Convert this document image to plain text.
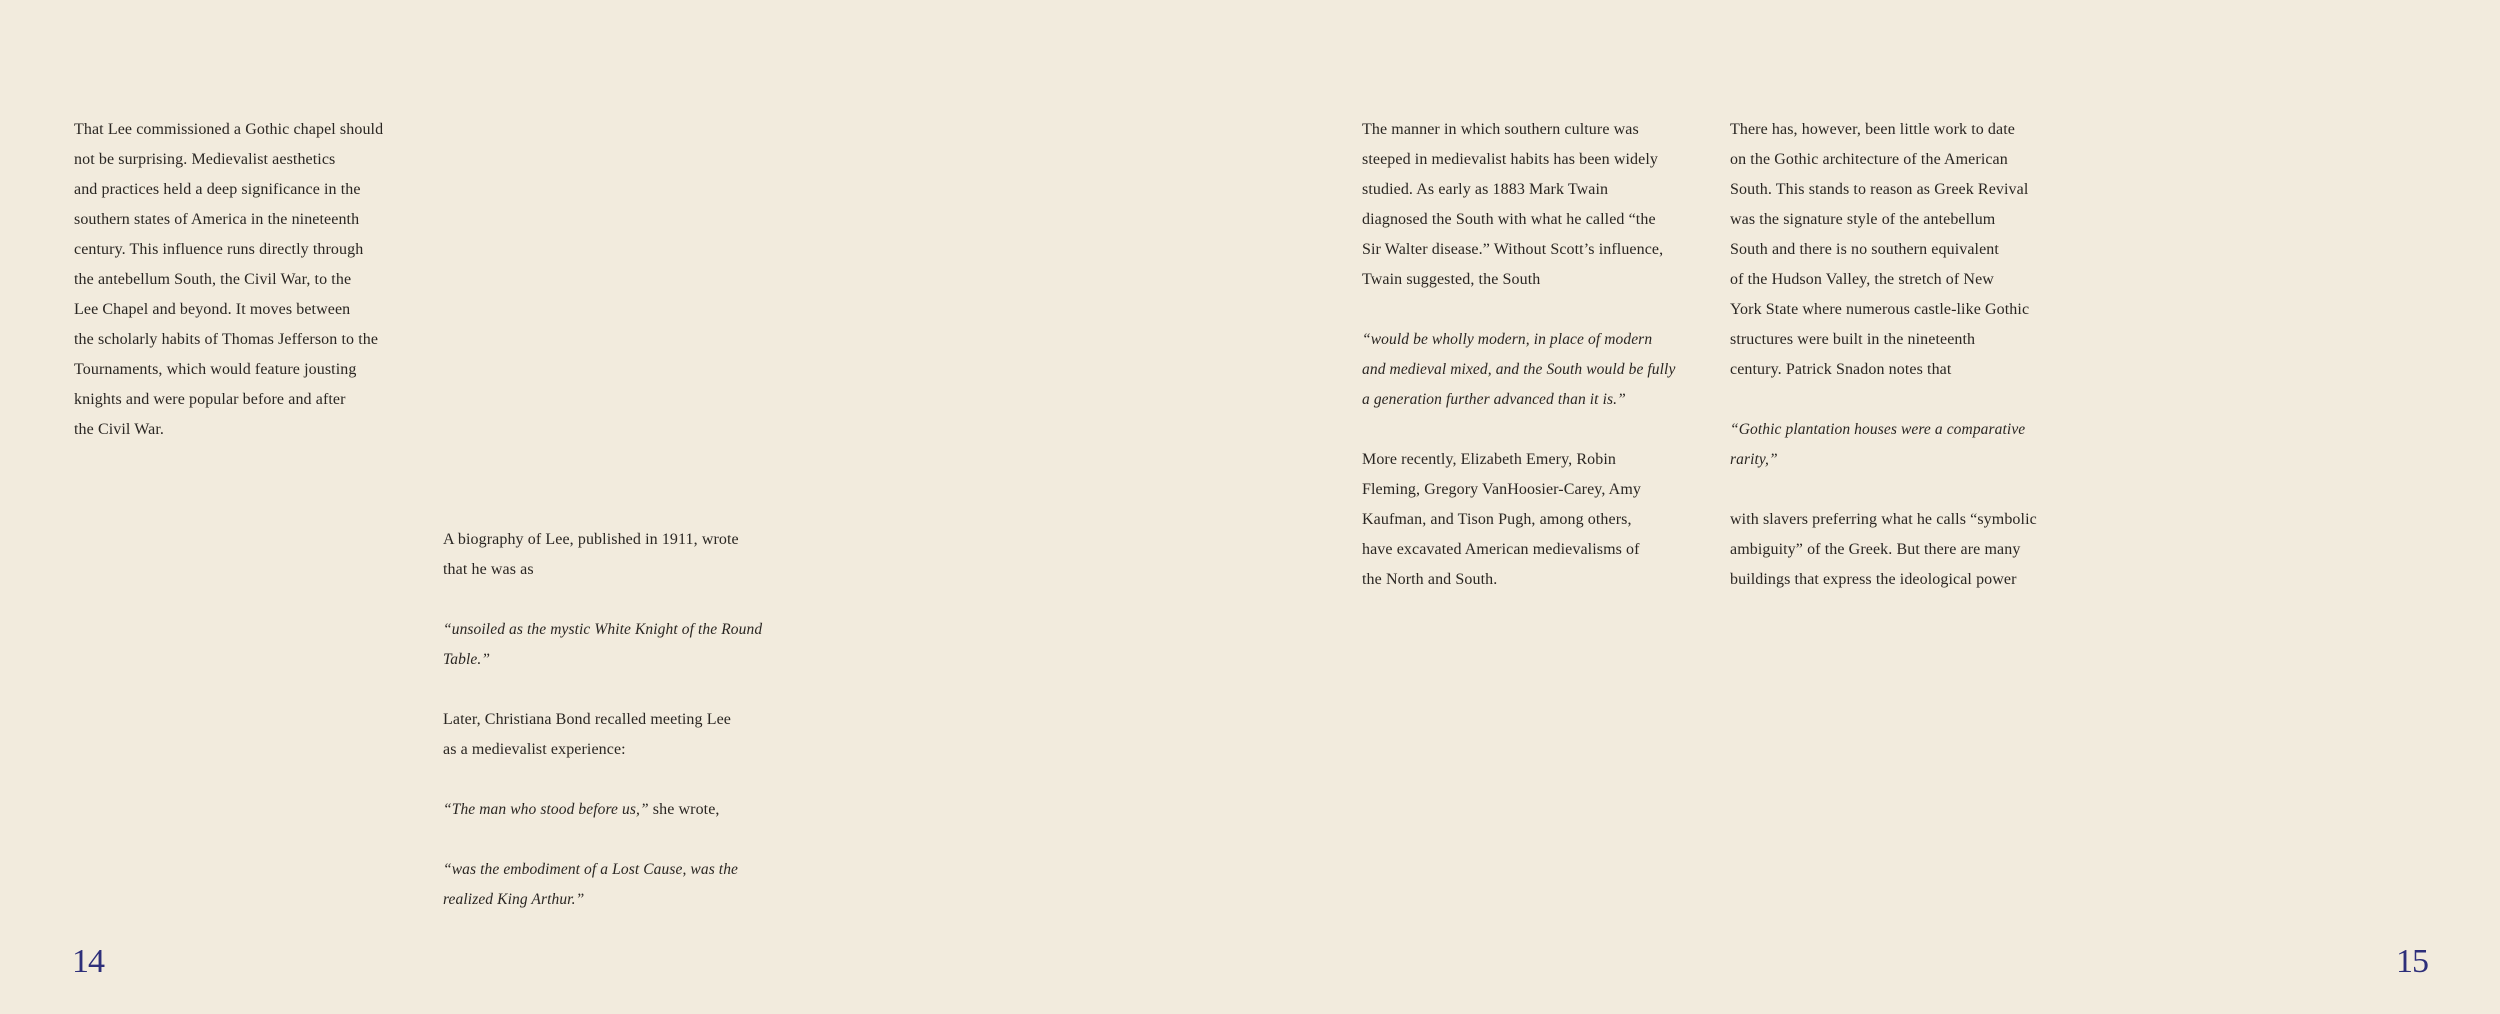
That Lee commissioned a Gothic chapel should
not be surprising. Medievalist aesthetics
and practices held a deep significance in the
southern states of America in the nineteenth
century. This influence runs directly through
the antebellum South, the Civil War, to the
Lee Chapel and beyond. It moves between
the scholarly habits of Thomas Jefferson to the
Tournaments, which would feature jousting
knights and were popular before and after
the Civil War.

A biography of Lee, published in 1911, wrote
that he was as

“unsoiled as the mystic White Knight of the Round
Table.”

Later, Christiana Bond recalled meeting Lee
as a medievalist experience:

“The man who stood before us,” she wrote,

“was the embodiment of a Lost Cause, was the
realized King Arthur.”

The manner in which southern culture was
steeped in medievalist habits has been widely
studied. As early as 1883 Mark Twain
diagnosed the South with what he called “the
Sir Walter disease.” Without Scott’s influence,
Twain suggested, the South

“would be wholly modern, in place of modern
and medieval mixed, and the South would be fully
a generation further advanced than it is.”

More recently, Elizabeth Emery, Robin
Fleming, Gregory VanHoosier-Carey, Amy
Kaufman, and Tison Pugh, among others,
have excavated American medievalisms of
the North and South.

There has, however, been little work to date
on the Gothic architecture of the American
South. This stands to reason as Greek Revival
was the signature style of the antebellum
South and there is no southern equivalent
of the Hudson Valley, the stretch of New
York State where numerous castle-like Gothic
structures were built in the nineteenth
century. Patrick Snadon notes that

“Gothic plantation houses were a comparative
rarity,”

with slavers preferring what he calls “symbolic
ambiguity” of the Greek. But there are many
buildings that express the ideological power

14	15
